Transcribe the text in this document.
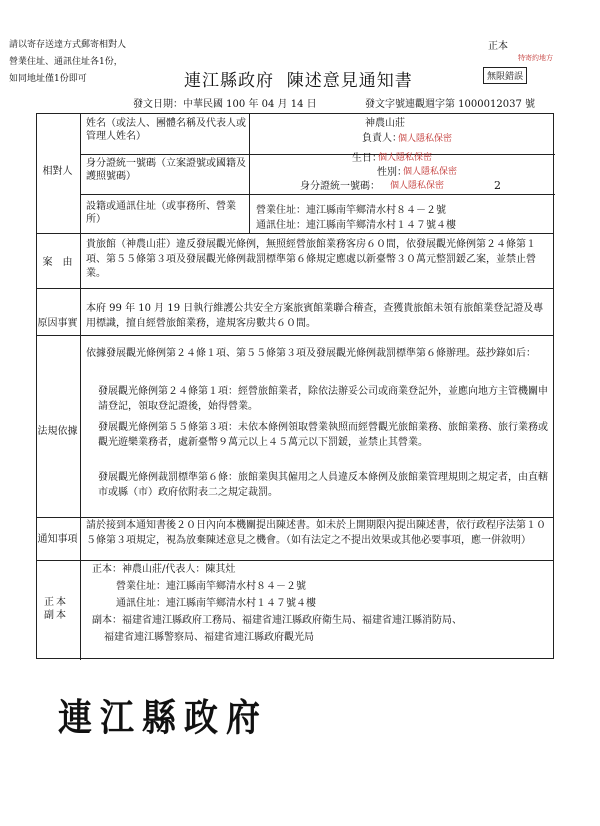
請以寄存送達方式郵寄相對人
營業住址、通訊住址各1份，
如同地址僅1份即可
正本
特寄約地方
無限錯誤
連江縣政府  陳述意見通知書
發文日期：中華民國 100 年 04 月 14 日	發文字號連觀週字第 1000012037 號
相對人
姓名（或法人、團體名稱及代表人或管理人姓名）
身分證統一號碼（立案證號或國籍及護照號碼）
設籍或通訊住址（或事務所、營業所）
案　由
原因事實
法規依據
通知事項
正本副本
神農山莊
負責人：
個人隱私保密
生日：
個人隱私保密
性別：
個人隱私保密
身分證統一號碼： 個人隱私保密	2
營業住址：連江縣南竿鄉清水村８４－２號
通訊住址：連江縣南竿鄉清水村１４７號４樓
貴旅館（神農山莊）違反發展觀光條例，無照經營旅館業務客房６０間，依發展觀光條例第２４條第１項、第５５條第３項及發展觀光條例裁罰標準第６條規定應處以新臺幣３０萬元整罰鍰乙案，並禁止營業。
本府 99 年 10 月 19 日執行維護公共安全方案旅賓館業聯合稽查，查獲貴旅館未領有旅館業登記證及專用標識，擅自經營旅館業務，違規客房數共６０間。
依據發展觀光條例第２４條１項、第５５條第３項及發展觀光條例裁罰標準第６條辦理。茲抄錄如后：
發展觀光條例第２４條第１項：經營旅館業者，除依法辦妥公司或商業登記外，並應向地方主管機關申請登記，領取登記證後，始得營業。
發展觀光條例第５５條第３項：未依本條例領取營業執照而經營觀光旅館業務、旅館業務、旅行業務或觀光遊樂業務者，處新臺幣９萬元以上４５萬元以下罰鍰，並禁止其營業。
發展觀光條例裁罰標準第６條：旅館業與其僱用之人員違反本條例及旅館業管理規則之規定者，由直轄市或縣（市）政府依附表二之規定裁罰。
請於接到本通知書後２０日內向本機關提出陳述書。如未於上開期限內提出陳述書，依行政程序法第１０５條第３項規定，視為放棄陳述意見之機會。（如有法定之不提出效果或其他必要事項，應一併敘明）
正本：神農山莊/代表人：陳其灶
營業住址：連江縣南竿鄉清水村８４－２號
通訊住址：連江縣南竿鄉清水村１４７號４樓
副本：福建省連江縣政府工務局、福建省連江縣政府衛生局、福建省連江縣消防局、
福建省連江縣警察局、福建省連江縣政府觀光局
連江縣政府
